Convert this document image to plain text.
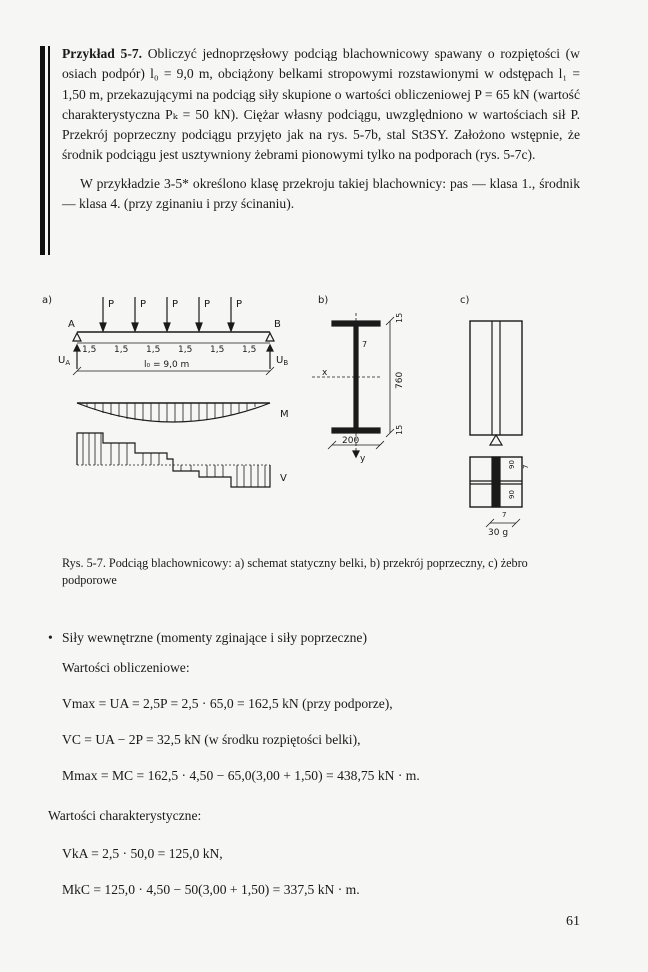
Przykład 5-7. Obliczyć jednoprzęsłowy podciąg blachownicowy spawany o rozpiętości (w osiach podpór) l₀ = 9,0 m, obciążony belkami stropowymi rozstawionymi w odstępach l₁ = 1,50 m, przekazującymi na podciąg siły skupione o wartości obliczeniowej P = 65 kN (wartość charakterystyczna Pₖ = 50 kN). Ciężar własny podciągu, uwzględniono w wartościach sił P. Przekrój poprzeczny podciągu przyjęto jak na rys. 5-7b, stal St3SY. Założono wstępnie, że środnik podciągu jest usztywniony żebrami pionowymi tylko na podporach (rys. 5-7c).

W przykładzie 3-5* określono klasę przekroju takiej blachownicy: pas — klasa 1., środnik — klasa 4. (przy zginaniu i przy ścinaniu).

a)	P	P	P	P	P
A	B
1,5 1,5 1,5 1,5 1,5 1,5
$U_A$	$U_B$
l₀ = 9,0 m
M
V
b)
15
7
760
200
15
x
y
c)
90
90
7
7
30 g
Rys. 5-7. Podciąg blachownicowy: a) schemat statyczny belki, b) przekrój poprzeczny, c) żebro podporowe
• Siły wewnętrzne (momenty zginające i siły poprzeczne)
Wartości obliczeniowe:
Vmax = UA = 2,5P = 2,5 · 65,0 = 162,5 kN (przy podporze),
VC = UA − 2P = 32,5 kN (w środku rozpiętości belki),
Mmax = MC = 162,5 · 4,50 − 65,0(3,00 + 1,50) = 438,75 kN · m.
Wartości charakterystyczne:
VkA = 2,5 · 50,0 = 125,0 kN,
MkC = 125,0 · 4,50 − 50(3,00 + 1,50) = 337,5 kN · m.
61
